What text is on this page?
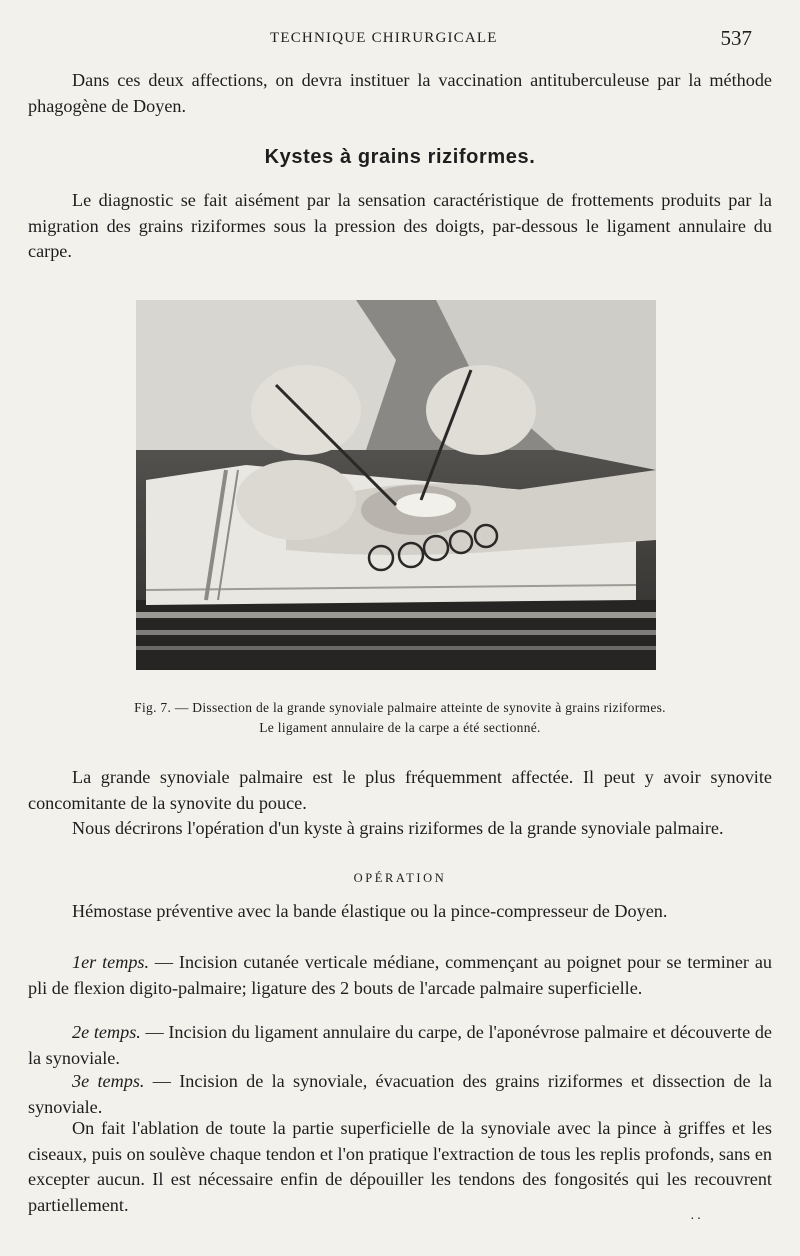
TECHNIQUE CHIRURGICALE	537

Dans ces deux affections, on devra instituer la vaccination antituberculeuse par la méthode phagogène de Doyen.

Kystes à grains riziformes.

Le diagnostic se fait aisément par la sensation caractéristique de frottements produits par la migration des grains riziformes sous la pression des doigts, par-dessous le ligament annulaire du carpe.

Fig. 7. — Dissection de la grande synoviale palmaire atteinte de synovite à grains riziformes.

Le ligament annulaire de la carpe a été sectionné.

La grande synoviale palmaire est le plus fréquemment affectée. Il peut y avoir synovite concomitante de la synovite du pouce.

Nous décrirons l'opération d'un kyste à grains riziformes de la grande synoviale palmaire.

OPÉRATION

Hémostase préventive avec la bande élastique ou la pince-compresseur de Doyen.

1er temps. — Incision cutanée verticale médiane, commençant au poignet pour se terminer au pli de flexion digito-palmaire; ligature des 2 bouts de l'arcade palmaire superficielle.

2e temps. — Incision du ligament annulaire du carpe, de l'aponévrose palmaire et découverte de la synoviale.

3e temps. — Incision de la synoviale, évacuation des grains riziformes et dissection de la synoviale.

On fait l'ablation de toute la partie superficielle de la synoviale avec la pince à griffes et les ciseaux, puis on soulève chaque tendon et l'on pratique l'extraction de tous les replis profonds, sans en excepter aucun. Il est nécessaire enfin de dépouiller les tendons des fongosités qui les recouvrent partiellement.

··
